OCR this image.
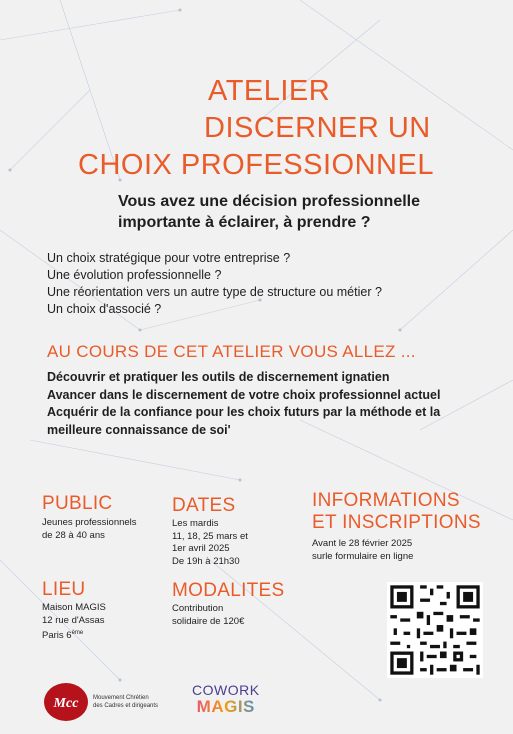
ATELIER
DISCERNER UN
CHOIX PROFESSIONNEL
Vous avez une décision professionnelle
importante à éclairer, à prendre ?
Un choix stratégique pour votre entreprise ?
Une évolution professionnelle ?
Une réorientation vers un autre type de structure ou métier ?
Un choix d'associé ?
AU COURS DE CET ATELIER VOUS ALLEZ ...
Découvrir et pratiquer les outils de discernement ignatien
Avancer dans le discernement de votre choix professionnel actuel
Acquérir de la confiance pour les choix futurs par la méthode et la
meilleure connaissance de soi'
PUBLIC
Jeunes professionnels
de 28 à 40 ans
DATES
Les mardis
11, 18, 25 mars et
1er avril 2025
De 19h à 21h30
INFORMATIONS
ET INSCRIPTIONS
Avant le 28 février 2025
surle formulaire en ligne
LIEU
Maison MAGIS
12 rue d'Assas
Paris 6ème
MODALITES
Contribution
solidaire de 120€
Mcc Mouvement Chrétien
des Cadres et dirigeants
COWORK
MAGIS
